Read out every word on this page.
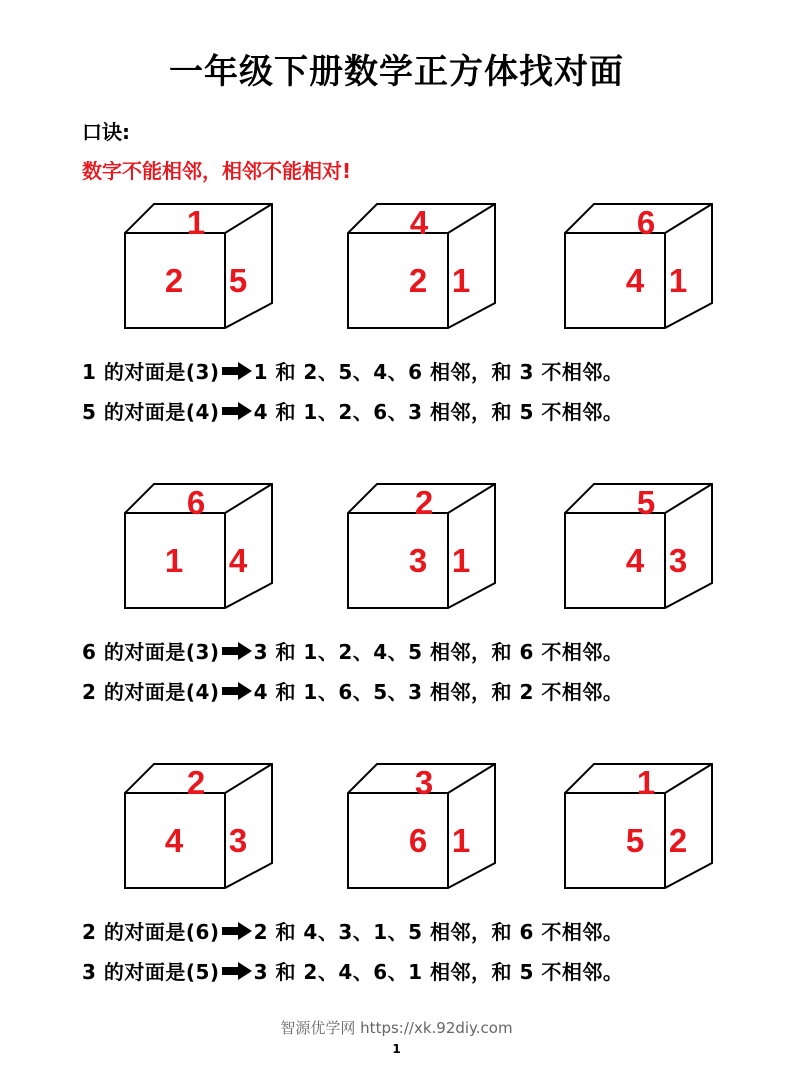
一年级下册数学正方体找对面
口诀:
数字不能相邻，相邻不能相对!
1
2 5
4
2 1
6
4 1
1 的对面是(3) 1 和 2、5、4、6 相邻，和 3 不相邻。
5 的对面是(4) 4 和 1、2、6、3 相邻，和 5 不相邻。
6
1 4
2
3 1
5
4 3
6 的对面是(3) 3 和 1、2、4、5 相邻，和 6 不相邻。
2 的对面是(4) 4 和 1、6、5、3 相邻，和 2 不相邻。
2
4 3
3
6 1
1
5 2
2 的对面是(6) 2 和 4、3、1、5 相邻，和 6 不相邻。
3 的对面是(5) 3 和 2、4、6、1 相邻，和 5 不相邻。
智源优学网 https://xk.92diy.com
1
